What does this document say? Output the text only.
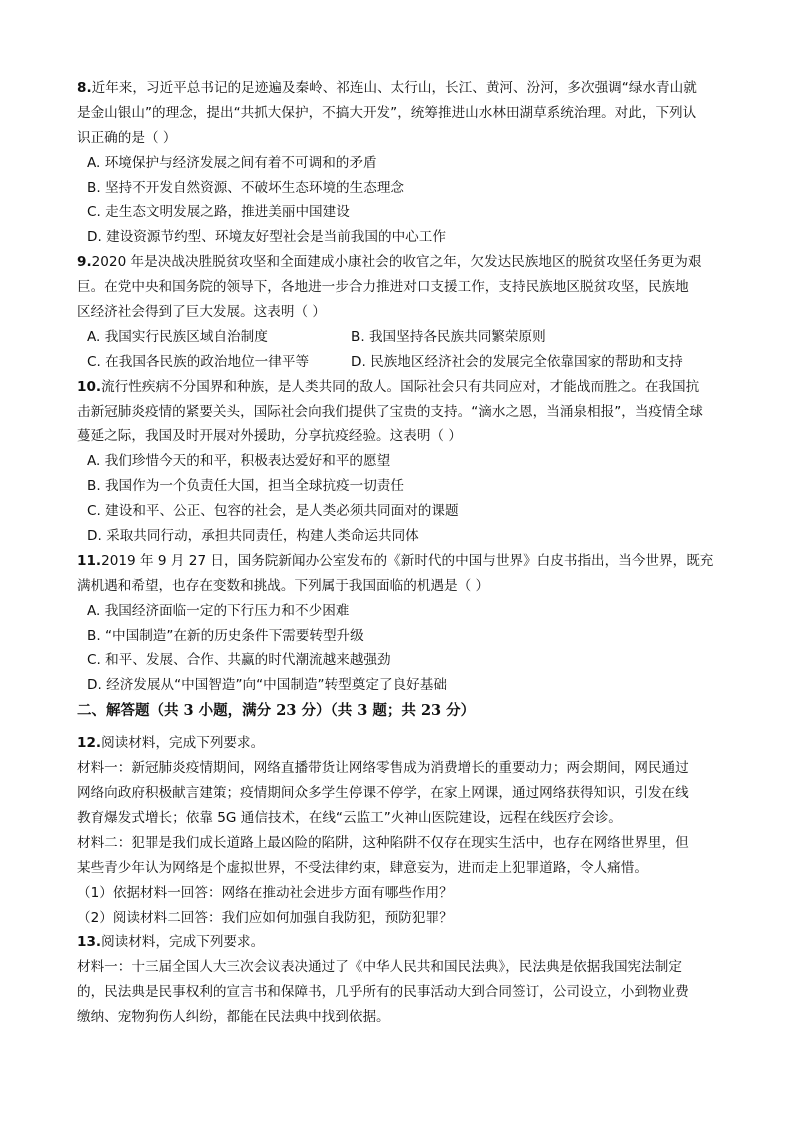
8.近年来，习近平总书记的足迹遍及秦岭、祁连山、太行山，长江、黄河、汾河，多次强调“绿水青山就
是金山银山”的理念，提出“共抓大保护，不搞大开发”，统筹推进山水林田湖草系统治理。对此，下列认
识正确的是（ ）
A. 环境保护与经济发展之间有着不可调和的矛盾
B. 坚持不开发自然资源、不破坏生态环境的生态理念
C. 走生态文明发展之路，推进美丽中国建设
D. 建设资源节约型、环境友好型社会是当前我国的中心工作
9.2020 年是决战决胜脱贫攻坚和全面建成小康社会的收官之年，欠发达民族地区的脱贫攻坚任务更为艰
巨。在党中央和国务院的领导下，各地进一步合力推进对口支援工作，支持民族地区脱贫攻坚，民族地
区经济社会得到了巨大发展。这表明（ ）
A. 我国实行民族区域自治制度	B. 我国坚持各民族共同繁荣原则
C. 在我国各民族的政治地位一律平等	D. 民族地区经济社会的发展完全依靠国家的帮助和支持
10.流行性疾病不分国界和种族，是人类共同的敌人。国际社会只有共同应对，才能战而胜之。在我国抗
击新冠肺炎疫情的紧要关头，国际社会向我们提供了宝贵的支持。“滴水之恩，当涌泉相报”，当疫情全球
蔓延之际，我国及时开展对外援助，分享抗疫经验。这表明（ ）
A. 我们珍惜今天的和平，积极表达爱好和平的愿望
B. 我国作为一个负责任大国，担当全球抗疫一切责任
C. 建设和平、公正、包容的社会，是人类必须共同面对的课题
D. 采取共同行动，承担共同责任，构建人类命运共同体
11.2019 年 9 月 27 日，国务院新闻办公室发布的《新时代的中国与世界》白皮书指出，当今世界，既充
满机遇和希望，也存在变数和挑战。下列属于我国面临的机遇是（ ）
A. 我国经济面临一定的下行压力和不少困难
B. “中国制造”在新的历史条件下需要转型升级
C. 和平、发展、合作、共赢的时代潮流越来越强劲
D. 经济发展从“中国智造”向“中国制造”转型奠定了良好基础
二、解答题（共 3 小题，满分 23 分）（共 3 题；共 23 分）
12.阅读材料，完成下列要求。
材料一：新冠肺炎疫情期间，网络直播带货让网络零售成为消费增长的重要动力；两会期间，网民通过
网络向政府积极献言建策；疫情期间众多学生停课不停学，在家上网课，通过网络获得知识，引发在线
教育爆发式增长；依靠 5G 通信技术，在线“云监工”火神山医院建设，远程在线医疗会诊。
材料二：犯罪是我们成长道路上最凶险的陷阱，这种陷阱不仅存在现实生活中，也存在网络世界里，但
某些青少年认为网络是个虚拟世界，不受法律约束，肆意妄为，进而走上犯罪道路，令人痛惜。
（1）依据材料一回答：网络在推动社会进步方面有哪些作用？
（2）阅读材料二回答：我们应如何加强自我防犯，预防犯罪？
13.阅读材料，完成下列要求。
材料一：十三届全国人大三次会议表决通过了《中华人民共和国民法典》，民法典是依据我国宪法制定
的，民法典是民事权利的宣言书和保障书，几乎所有的民事活动大到合同签订，公司设立，小到物业费
缴纳、宠物狗伤人纠纷，都能在民法典中找到依据。
